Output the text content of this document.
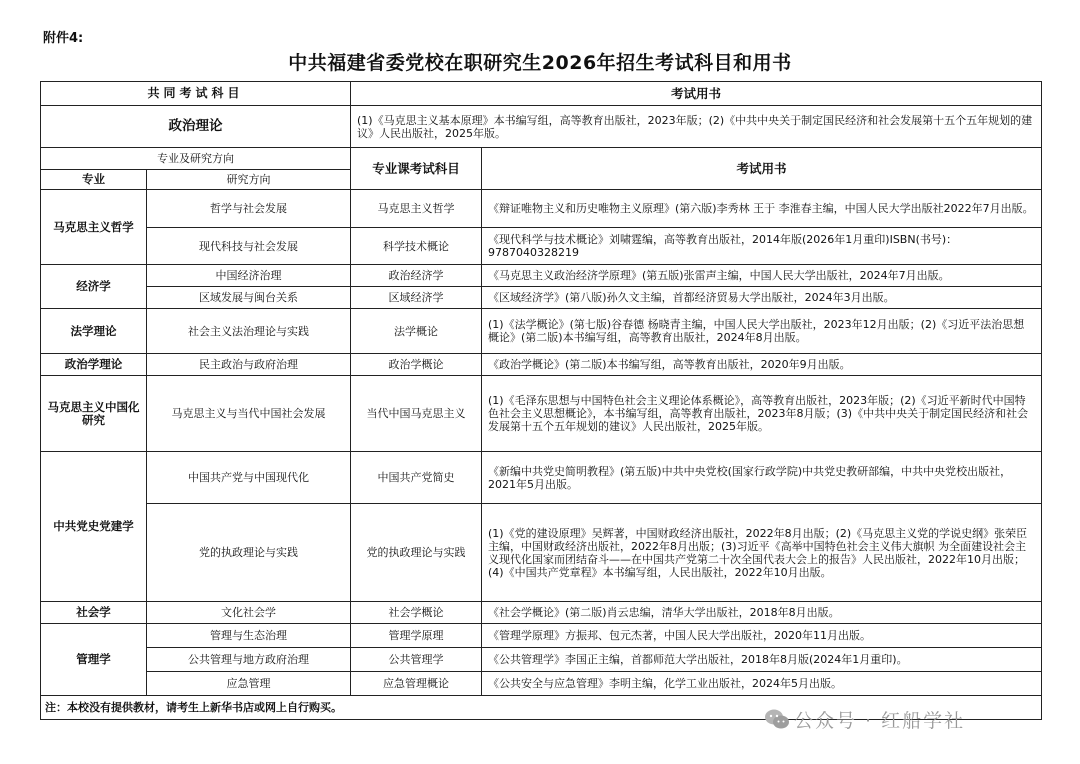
附件4:
中共福建省委党校在职研究生2026年招生考试科目和用书
共同考试科目		考试用书	
政治理论		(1)《马克思主义基本原理》本书编写组，高等教育出版社，2023年版；(2)《中共中央关于制定国民经济和社会发展第十五个五年规划的建议》人民出版社，2025年版。	
专业及研究方向		专业课考试科目	考试用书
专业	研究方向		
马克思主义哲学	哲学与社会发展	马克思主义哲学	《辩证唯物主义和历史唯物主义原理》(第六版)李秀林 王于 李淮春主编，中国人民大学出版社2022年7月出版。
	现代科技与社会发展	科学技术概论	《现代科学与技术概论》刘啸霆编，高等教育出版社，2014年版(2026年1月重印)ISBN(书号)：9787040328219
经济学	中国经济治理	政治经济学	《马克思主义政治经济学原理》(第五版)张雷声主编，中国人民大学出版社，2024年7月出版。
	区域发展与闽台关系	区域经济学	《区域经济学》(第八版)孙久文主编，首都经济贸易大学出版社，2024年3月出版。
法学理论	社会主义法治理论与实践	法学概论	(1)《法学概论》(第七版)谷春德 杨晓青主编，中国人民大学出版社，2023年12月出版；(2)《习近平法治思想概论》(第二版)本书编写组，高等教育出版社，2024年8月出版。
政治学理论	民主政治与政府治理	政治学概论	《政治学概论》(第二版)本书编写组，高等教育出版社，2020年9月出版。
马克思主义中国化研究	马克思主义与当代中国社会发展	当代中国马克思主义	(1)《毛泽东思想与中国特色社会主义理论体系概论》，高等教育出版社，2023年版；(2)《习近平新时代中国特色社会主义思想概论》，本书编写组，高等教育出版社，2023年8月版；(3)《中共中央关于制定国民经济和社会发展第十五个五年规划的建议》人民出版社，2025年版。
中共党史党建学	中国共产党与中国现代化	中国共产党简史	《新编中共党史简明教程》(第五版)中共中央党校(国家行政学院)中共党史教研部编，中共中央党校出版社，2021年5月出版。
	党的执政理论与实践	党的执政理论与实践	(1)《党的建设原理》吴辉著，中国财政经济出版社，2022年8月出版；(2)《马克思主义党的学说史纲》张荣臣主编，中国财政经济出版社，2022年8月出版；(3)习近平《高举中国特色社会主义伟大旗帜 为全面建设社会主义现代化国家而团结奋斗——在中国共产党第二十次全国代表大会上的报告》人民出版社，2022年10月出版；(4)《中国共产党章程》本书编写组，人民出版社，2022年10月出版。
社会学	文化社会学	社会学概论	《社会学概论》(第二版)肖云忠编，清华大学出版社，2018年8月出版。
管理学	管理与生态治理	管理学原理	《管理学原理》方振邦、包元杰著，中国人民大学出版社，2020年11月出版。
	公共管理与地方政府治理	公共管理学	《公共管理学》李国正主编，首都师范大学出版社，2018年8月版(2024年1月重印)。
	应急管理	应急管理概论	《公共安全与应急管理》李明主编，化学工业出版社，2024年5月出版。
注：本校没有提供教材，请考生上新华书店或网上自行购买。			
公众号 · 红船学社
